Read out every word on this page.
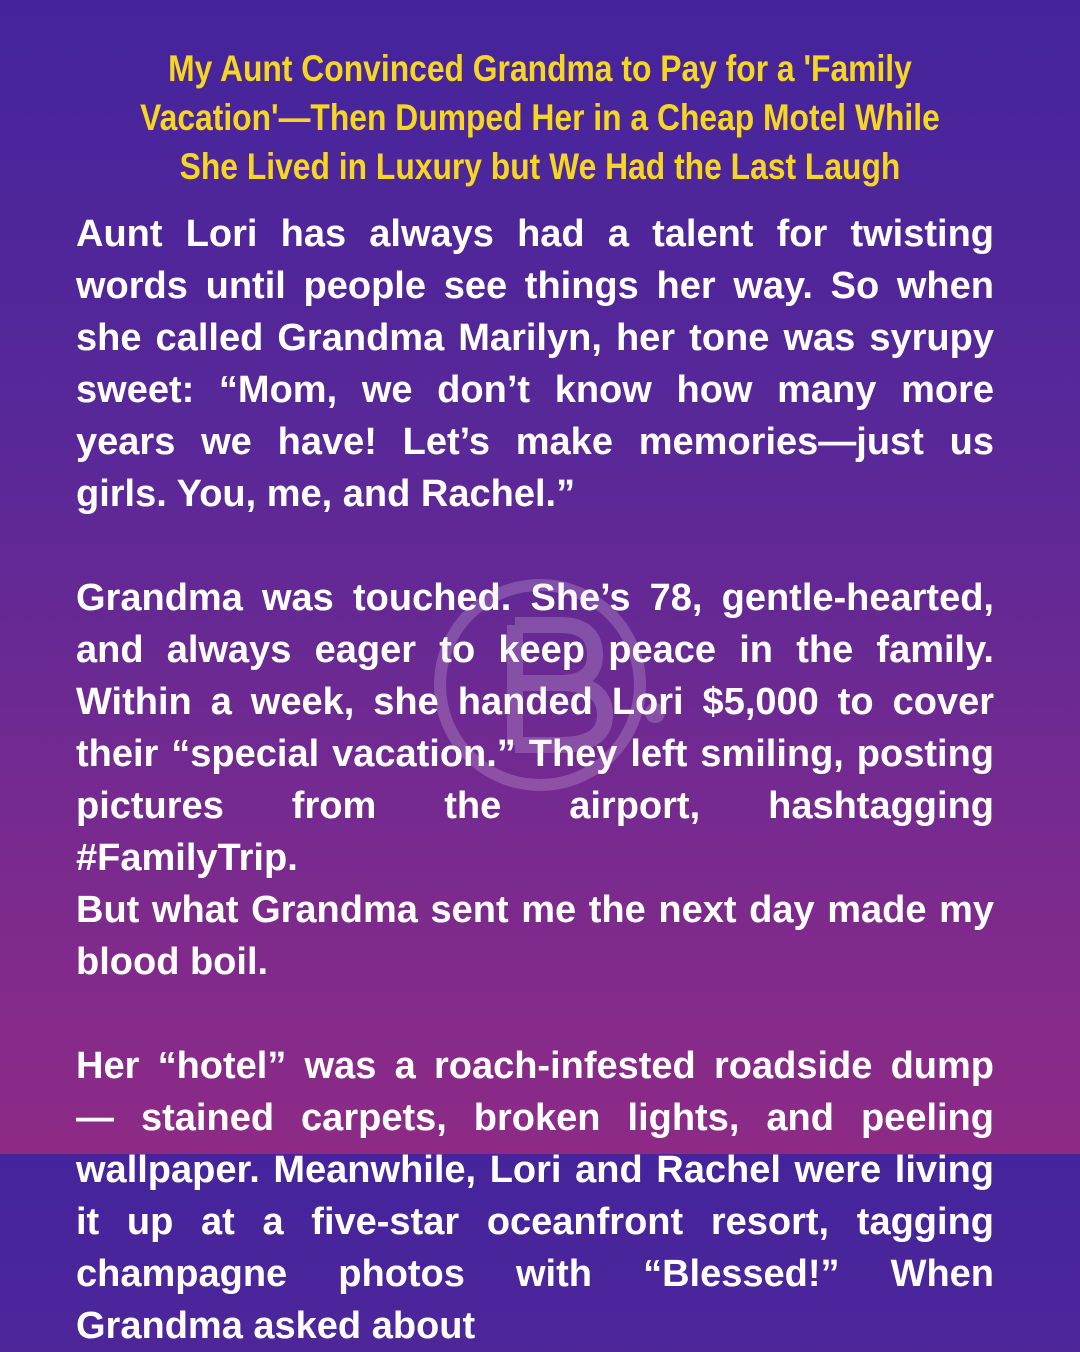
My Aunt Convinced Grandma to Pay for a 'Family Vacation'—Then Dumped Her in a Cheap Motel While She Lived in Luxury but We Had the Last Laugh

Aunt Lori has always had a talent for twisting words until people see things her way. So when she called Grandma Marilyn, her tone was syrupy sweet: “Mom, we don’t know how many more years we have! Let’s make memories—just us girls. You, me, and Rachel.”

Grandma was touched. She’s 78, gentle-hearted, and always eager to keep peace in the family. Within a week, she handed Lori $5,000 to cover their “special vacation.” They left smiling, posting pictures from the airport, hashtagging #FamilyTrip.

But what Grandma sent me the next day made my blood boil.

Her “hotel” was a roach-infested roadside dump — stained carpets, broken lights, and peeling wallpaper. Meanwhile, Lori and Rachel were living it up at a five-star oceanfront resort, tagging champagne photos with “Blessed!” When Grandma asked about
